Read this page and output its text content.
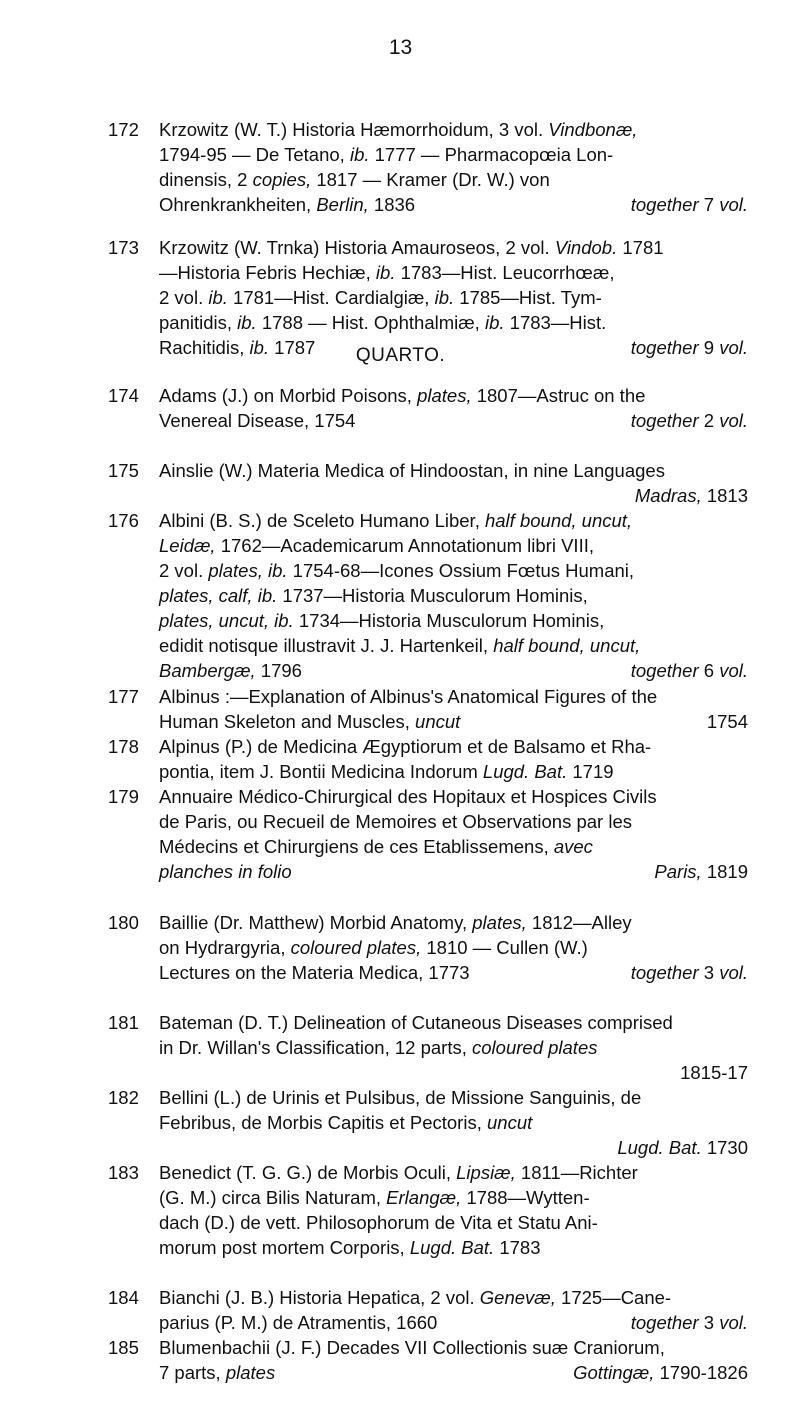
13
QUARTO.
172 Krzowitz (W. T.) Historia Hæmorrhoidum, 3 vol. Vindbonæ,
1794-95 — De Tetano, ib. 1777 — Pharmacopœia Lon-
dinensis, 2 copies, 1817 — Kramer (Dr. W.) von
together 7 vol.
Ohrenkrankheiten, Berlin, 1836
173 Krzowitz (W. Trnka) Historia Amauroseos, 2 vol. Vindob. 1781
—Historia Febris Hechiæ, ib. 1783—Hist. Leucorrhœæ,
2 vol. ib. 1781—Hist. Cardialgiæ, ib. 1785—Hist. Tym-
panitidis, ib. 1788 — Hist. Ophthalmiæ, ib. 1783—Hist.
together 9 vol.
Rachitidis, ib. 1787
174 Adams (J.) on Morbid Poisons, plates, 1807—Astruc on the
together 2 vol.
Venereal Disease, 1754
175 Ainslie (W.) Materia Medica of Hindoostan, in nine Languages
Madras, 1813
176 Albini (B. S.) de Sceleto Humano Liber, half bound, uncut,
Leidæ, 1762—Academicarum Annotationum libri VIII,
2 vol. plates, ib. 1754-68—Icones Ossium Fœtus Humani,
plates, calf, ib. 1737—Historia Musculorum Hominis,
plates, uncut, ib. 1734—Historia Musculorum Hominis,
edidit notisque illustravit J. J. Hartenkeil, half bound, uncut,
together 6 vol.
Bambergæ, 1796
177 Albinus :—Explanation of Albinus's Anatomical Figures of the
1754
Human Skeleton and Muscles, uncut
178 Alpinus (P.) de Medicina Ægyptiorum et de Balsamo et Rha-
pontia, item J. Bontii Medicina Indorum Lugd. Bat. 1719
179 Annuaire Médico-Chirurgical des Hopitaux et Hospices Civils
de Paris, ou Recueil de Memoires et Observations par les
Médecins et Chirurgiens de ces Etablissemens, avec
Paris, 1819
planches in folio
180 Baillie (Dr. Matthew) Morbid Anatomy, plates, 1812—Alley
on Hydrargyria, coloured plates, 1810 — Cullen (W.)
together 3 vol.
Lectures on the Materia Medica, 1773
181 Bateman (D. T.) Delineation of Cutaneous Diseases comprised
in Dr. Willan's Classification, 12 parts, coloured plates
1815-17
182 Bellini (L.) de Urinis et Pulsibus, de Missione Sanguinis, de
Febribus, de Morbis Capitis et Pectoris, uncut
Lugd. Bat. 1730
183 Benedict (T. G. G.) de Morbis Oculi, Lipsiæ, 1811—Richter
(G. M.) circa Bilis Naturam, Erlangæ, 1788—Wytten-
dach (D.) de vett. Philosophorum de Vita et Statu Ani-
morum post mortem Corporis, Lugd. Bat. 1783
184 Bianchi (J. B.) Historia Hepatica, 2 vol. Genevæ, 1725—Cane-
together 3 vol.
parius (P. M.) de Atramentis, 1660
185 Blumenbachii (J. F.) Decades VII Collectionis suæ Craniorum,
Gottingæ, 1790-1826
7 parts, plates
